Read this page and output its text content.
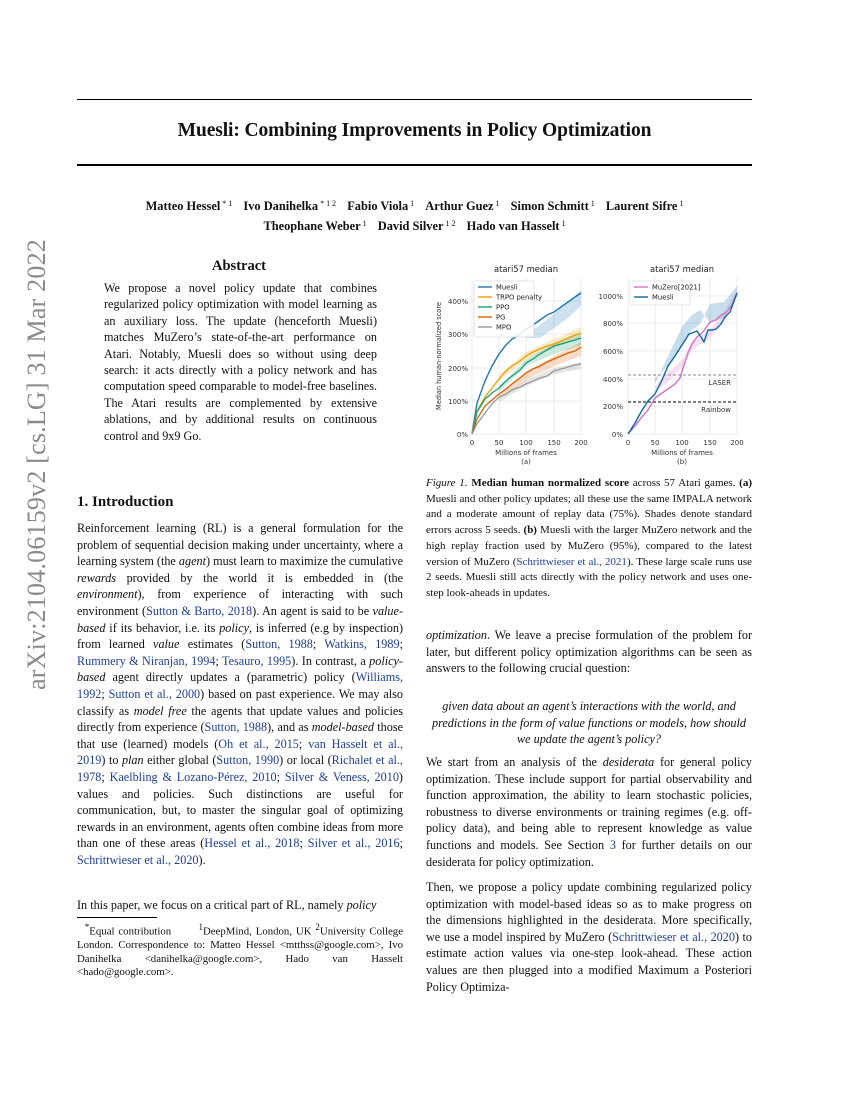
Muesli: Combining Improvements in Policy Optimization
Matteo Hessel $^{* 1}$ Ivo Danihelka $^{* 1 2}$ Fabio Viola $^1$ Arthur Guez $^1$ Simon Schmitt $^1$ Laurent Sifre $^1$
Theophane Weber $^1$ David Silver $^{1 2}$ Hado van Hasselt $^1$
arXiv:2104.06159v2 [cs.LG] 31 Mar 2022	Abstract
We propose a novel policy update that combines regularized policy optimization with model learning as an auxiliary loss. The update (henceforth Muesli) matches MuZero’s state-of-the-art performance on Atari. Notably, Muesli does so without using deep search: it acts directly with a policy network and has computation speed comparable to model-free baselines. The Atari results are complemented by extensive ablations, and by additional results on continuous control and 9x9 Go.
1. Introduction
Reinforcement learning (RL) is a general formulation for the problem of sequential decision making under uncertainty, where a learning system (the agent) must learn to maximize the cumulative rewards provided by the world it is embedded in (the environment), from experience of interacting with such environment (Sutton & Barto, 2018). An agent is said to be value-based if its behavior, i.e. its policy, is inferred (e.g by inspection) from learned value estimates (Sutton, 1988; Watkins, 1989; Rummery & Niranjan, 1994; Tesauro, 1995). In contrast, a policy-based agent directly updates a (parametric) policy (Williams, 1992; Sutton et al., 2000) based on past experience. We may also classify as model free the agents that update values and policies directly from experience (Sutton, 1988), and as model-based those that use (learned) models (Oh et al., 2015; van Hasselt et al., 2019) to plan either global (Sutton, 1990) or local (Richalet et al., 1978; Kaelbling & Lozano-Pérez, 2010; Silver & Veness, 2010) values and policies. Such distinctions are useful for communication, but, to master the singular goal of optimizing rewards in an environment, agents often combine ideas from more than one of these areas (Hessel et al., 2018; Silver et al., 2016; Schrittwieser et al., 2020).
In this paper, we focus on a critical part of RL, namely policy
*Equal contribution	$^1$DeepMind, London, UK $^2$University College London. Correspondence to: Matteo Hessel <mtthss@google.com>, Ivo Danihelka <danihelka@google.com>, Hado van Hasselt <hado@google.com>.
atari57 median
0%
100%
200%
300%
400%
0	50 100 150 200
Millions of frames
(a)
Median human-normalized score
Muesli
TRPO penalty
PPO
PG
MPO
atari57 median
0%
200%
400%
600%
800%
1000%
0	50 100 150 200
Millions of frames
(b)
LASER
Rainbow
MuZero[2021]
Muesli
Figure 1. Median human normalized score across 57 Atari games. (a) Muesli and other policy updates; all these use the same IMPALA network and a moderate amount of replay data (75%). Shades denote standard errors across 5 seeds. (b) Muesli with the larger MuZero network and the high replay fraction used by MuZero (95%), compared to the latest version of MuZero (Schrittwieser et al., 2021). These large scale runs use 2 seeds. Muesli still acts directly with the policy network and uses one-step look-aheads in updates.
optimization. We leave a precise formulation of the problem for later, but different policy optimization algorithms can be seen as answers to the following crucial question:
given data about an agent’s interactions with the world, and predictions in the form of value functions or models, how should we update the agent’s policy?
We start from an analysis of the desiderata for general policy optimization. These include support for partial observability and function approximation, the ability to learn stochastic policies, robustness to diverse environments or training regimes (e.g. off-policy data), and being able to represent knowledge as value functions and models. See Section 3 for further details on our desiderata for policy optimization.
Then, we propose a policy update combining regularized policy optimization with model-based ideas so as to make progress on the dimensions highlighted in the desiderata. More specifically, we use a model inspired by MuZero (Schrittwieser et al., 2020) to estimate action values via one-step look-ahead. These action values are then plugged into a modified Maximum a Posteriori Policy Optimiza-
